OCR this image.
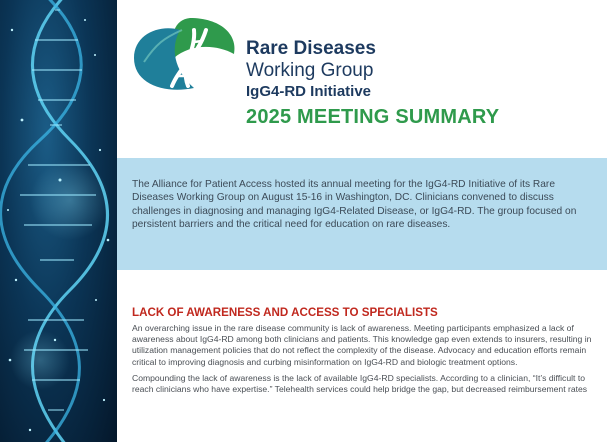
Rare Diseases
Working Group
IgG4-RD Initiative
2025 MEETING SUMMARY

The Alliance for Patient Access hosted its annual meeting for the IgG4-RD Initiative of its Rare Diseases Working Group on August 15-16 in Washington, DC. Clinicians convened to discuss challenges in diagnosing and managing IgG4-Related Disease, or IgG4-RD. The group focused on persistent barriers and the critical need for education on rare diseases.

LACK OF AWARENESS AND ACCESS TO SPECIALISTS

An overarching issue in the rare disease community is lack of awareness. Meeting participants emphasized a lack of awareness about IgG4-RD among both clinicians and patients. This knowledge gap even extends to insurers, resulting in utilization management policies that do not reflect the complexity of the disease. Advocacy and education efforts remain critical to improving diagnosis and curbing misinformation on IgG4-RD and biologic treatment options.

Compounding the lack of awareness is the lack of available IgG4-RD specialists. According to a clinician, “It’s difficult to reach clinicians who have expertise.” Telehealth services could help bridge the gap, but decreased reimbursement rates
